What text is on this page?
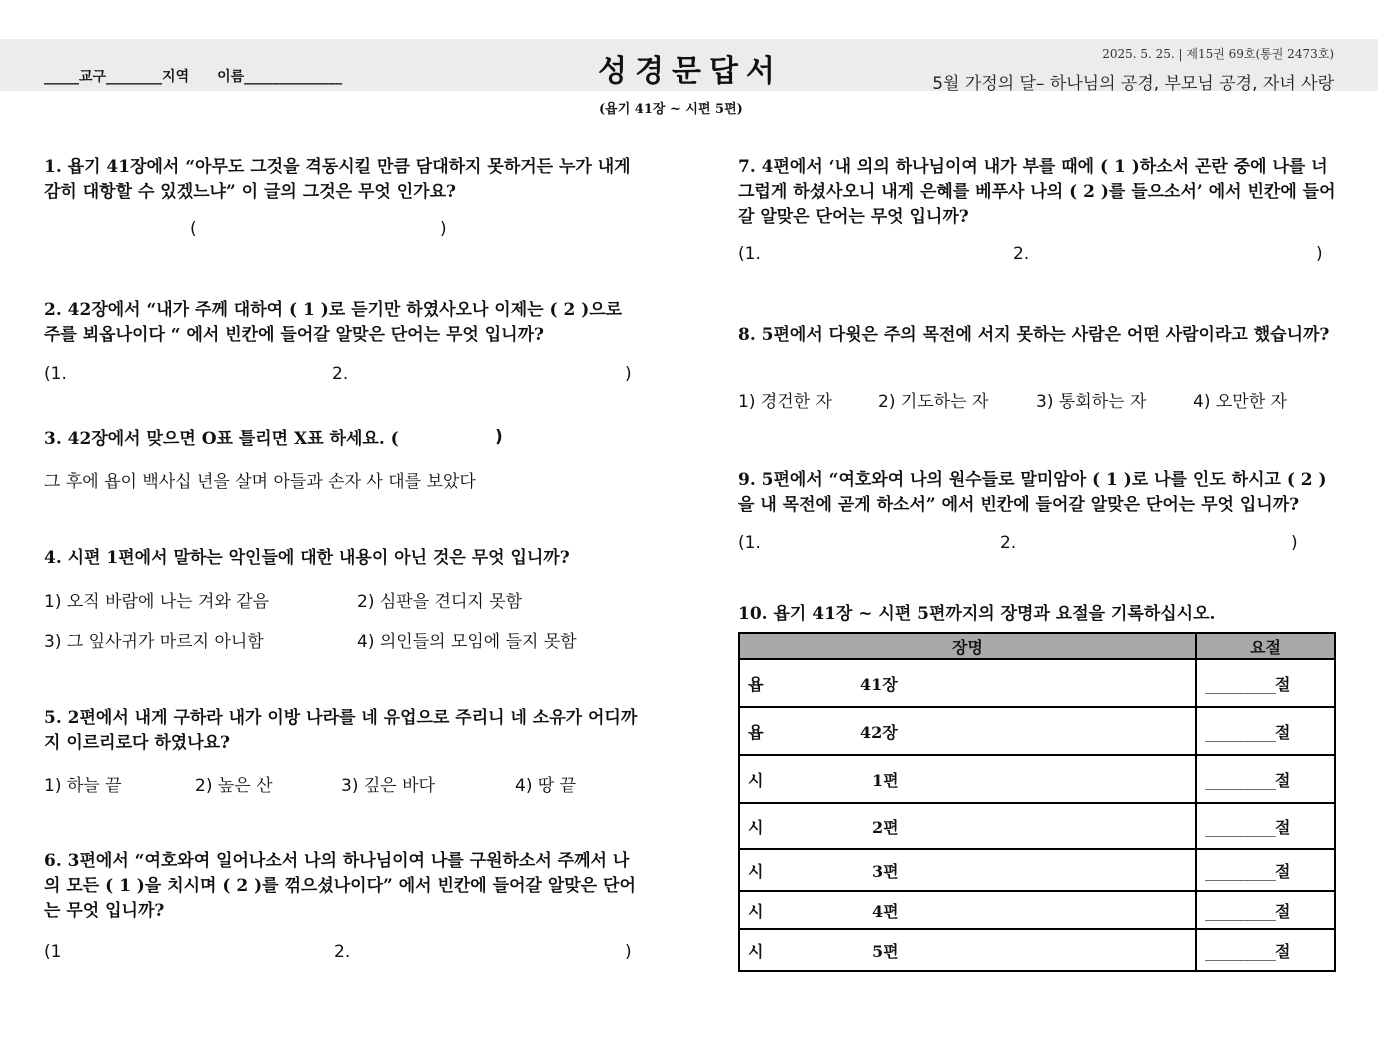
_____교구________지역　　이름______________	성경문답서	2025. 5. 25. | 제15권 69호(통권 2473호)
5월 가정의 달– 하나님의 공경, 부모님 공경, 자녀 사랑
(욥기 41장 ~ 시편 5편)
1. 욥기 41장에서 “아무도 그것을 격동시킬 만큼 담대하지 못하거든 누가 내게 감히 대항할 수 있겠느냐” 이 글의 그것은 무엇 인가요?
(	)
2. 42장에서 “내가 주께 대하여 ( 1 )로 듣기만 하였사오나 이제는 ( 2 )으로 주를 뵈옵나이다 “ 에서 빈칸에 들어갈 알맞은 단어는 무엇 입니까?
(1.	2.	)
3. 42장에서 맞으면 O표 틀리면 X표 하세요. (	)
그 후에 욥이 백사십 년을 살며 아들과 손자 사 대를 보았다
4. 시편 1편에서 말하는 악인들에 대한 내용이 아닌 것은 무엇 입니까?
1) 오직 바람에 나는 겨와 같음	2) 심판을 견디지 못함
3) 그 잎사귀가 마르지 아니함	4) 의인들의 모임에 들지 못함
5. 2편에서 내게 구하라 내가 이방 나라를 네 유업으로 주리니 네 소유가 어디까지 이르리로다 하였나요?
1) 하늘 끝	2) 높은 산	3) 깊은 바다	4) 땅 끝
6. 3편에서 “여호와여 일어나소서 나의 하나님이여 나를 구원하소서 주께서 나의 모든 ( 1 )을 치시며 ( 2 )를 꺾으셨나이다” 에서 빈칸에 들어갈 알맞은 단어는 무엇 입니까?
(1	2.	)
7. 4편에서 ‘내 의의 하나님이여 내가 부를 때에 ( 1 )하소서 곤란 중에 나를 너그럽게 하셨사오니 내게 은혜를 베푸사 나의 ( 2 )를 들으소서’ 에서 빈칸에 들어갈 알맞은 단어는 무엇 입니까?
(1.	2.	)
8. 5편에서 다윗은 주의 목전에 서지 못하는 사람은 어떤 사람이라고 했습니까?
1) 경건한 자	2) 기도하는 자	3) 통회하는 자	4) 오만한 자
9. 5편에서 “여호와여 나의 원수들로 말미암아 ( 1 )로 나를 인도 하시고 ( 2 )을 내 목전에 곧게 하소서” 에서 빈칸에 들어갈 알맞은 단어는 무엇 입니까?
(1.	2.	)
10. 욥기 41장 ~ 시편 5편까지의 장명과 요절을 기록하십시오.
장명	요절
욥 41장	__________절
욥 42장	__________절
시 1편	__________절
시 2편	__________절
시 3편	__________절
시 4편	__________절
시 5편	__________절
